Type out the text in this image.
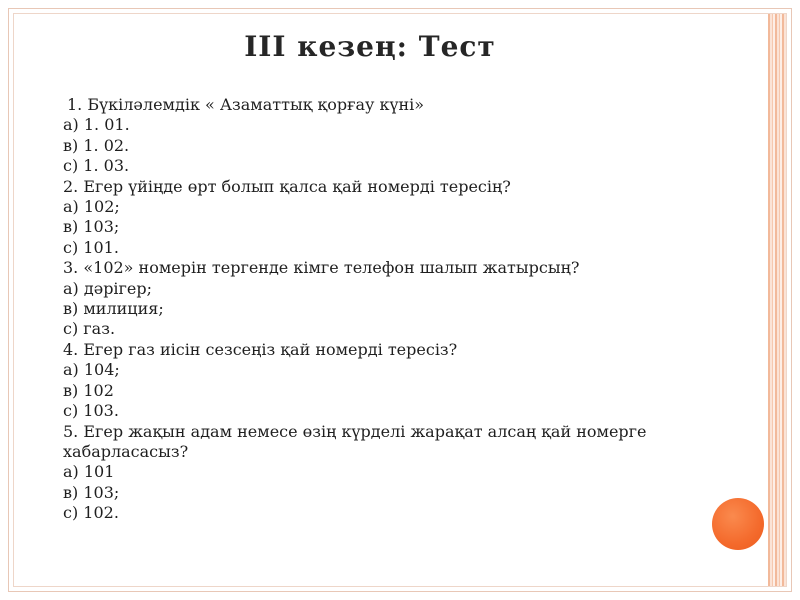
III кезең: Тест
1. Бүкіләлемдік « Азаматтық қорғау күні»
а) 1. 01.
в) 1. 02.
с) 1. 03.
2. Егер үйіңде өрт болып қалса қай номерді тересің?
а) 102;
в) 103;
с) 101.
3. «102» номерін тергенде кімге телефон шалып жатырсың?
а) дәрігер;
в) милиция;
с) газ.
4. Егер газ иісін сезсеңіз қай номерді тересіз?
а) 104;
в) 102
с) 103.
5. Егер жақын адам немесе өзің күрделі жарақат алсаң қай номерге
хабарласасыз?
а) 101
в) 103;
с) 102.
